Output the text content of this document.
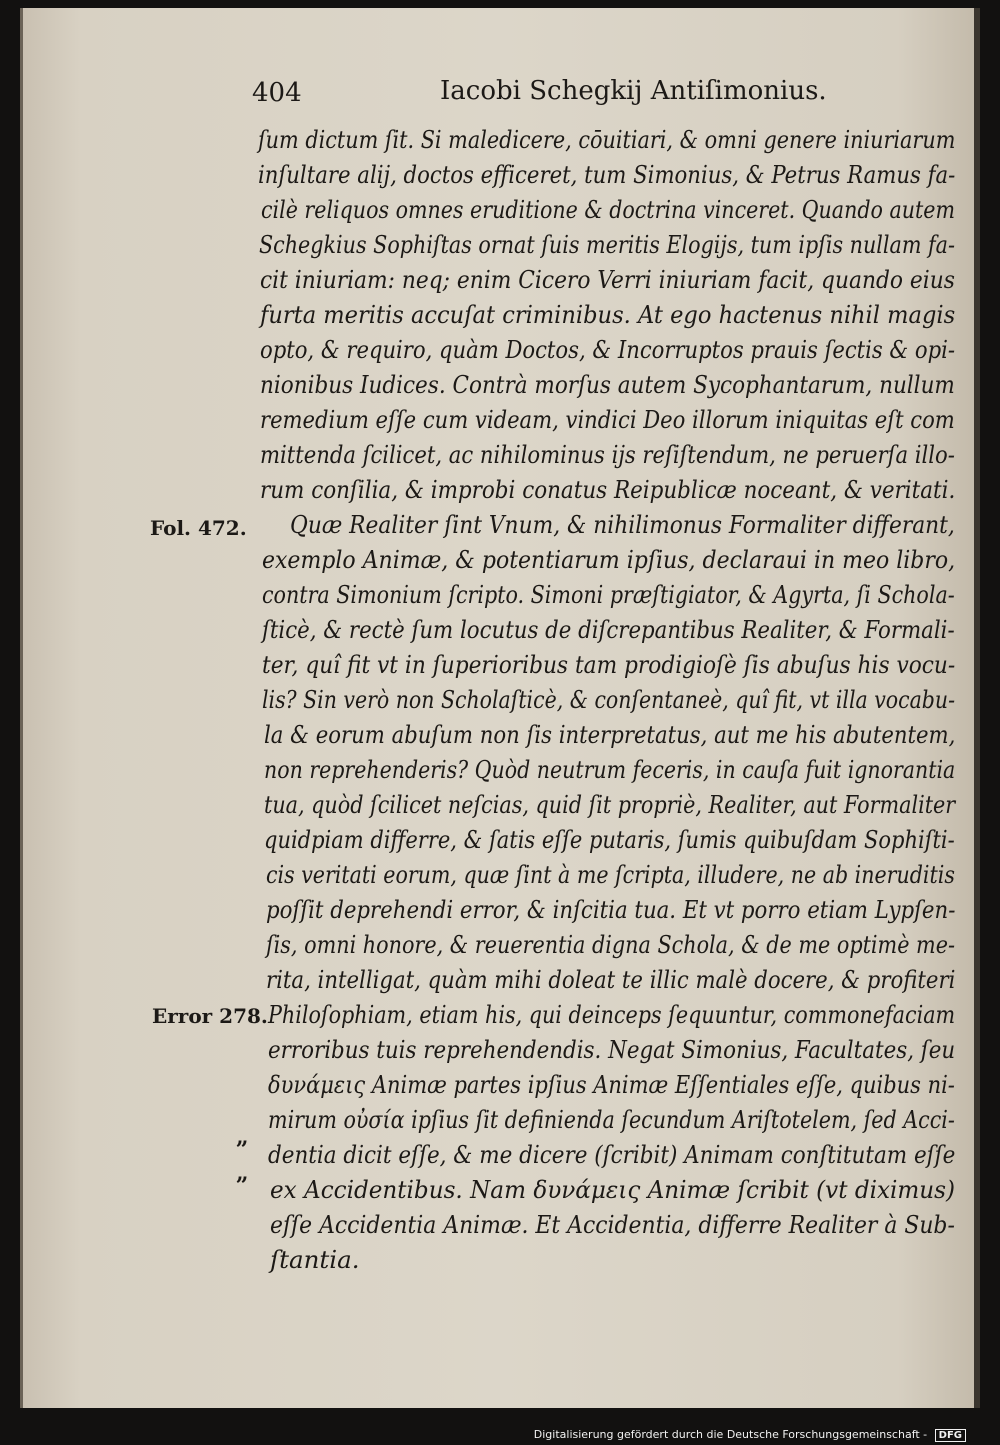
404	Iacobi Schegkij Antiſimonius.
Fol. 472.
Error 278.
„
„
ſum dictum ſit. Si maledicere, cōuitiari, & omni genere iniuriarum
inſultare alij, doctos efficeret, tum Simonius, & Petrus Ramus fa-
cilè reliquos omnes eruditione & doctrina vinceret. Quando autem
Schegkius Sophiſtas ornat ſuis meritis Elogijs, tum ipſis nullam fa-
cit iniuriam: neq; enim Cicero Verri iniuriam facit, quando eius
furta meritis accuſat criminibus. At ego hactenus nihil magis
opto, & requiro, quàm Doctos, & Incorruptos prauis ſectis & opi-
nionibus Iudices. Contrà morſus autem Sycophantarum, nullum
remedium eſſe cum videam, vindici Deo illorum iniquitas eſt com
mittenda ſcilicet, ac nihilominus ijs reſiſtendum, ne peruerſa illo-
rum conſilia, & improbi conatus Reipublicæ noceant, & veritati.
Quæ Realiter ſint Vnum, & nihilimonus Formaliter differant,
exemplo Animæ, & potentiarum ipſius, declaraui in meo libro,
contra Simonium ſcripto. Simoni præſtigiator, & Agyrta, ſi Schola-
ſticè, & rectè ſum locutus de diſcrepantibus Realiter, & Formali-
ter, quî fit vt in ſuperioribus tam prodigioſè ſis abuſus his vocu-
lis? Sin verò non Scholaſticè, & conſentaneè, quî fit, vt illa vocabu-
la & eorum abuſum non ſis interpretatus, aut me his abutentem,
non reprehenderis? Quòd neutrum feceris, in cauſa fuit ignorantia
tua, quòd ſcilicet neſcias, quid ſit propriè, Realiter, aut Formaliter
quidpiam differre, & ſatis eſſe putaris, ſumis quibuſdam Sophiſti-
cis veritati eorum, quæ ſint à me ſcripta, illudere, ne ab ineruditis
poſſit deprehendi error, & inſcitia tua. Et vt porro etiam Lypſen-
ſis, omni honore, & reuerentia digna Schola, & de me optimè me-
rita, intelligat, quàm mihi doleat te illic malè docere, & profiteri
Philoſophiam, etiam his, qui deinceps ſequuntur, commonefaciam
erroribus tuis reprehendendis. Negat Simonius, Facultates, ſeu
δυνάμεις Animæ partes ipſius Animæ Eſſentiales eſſe, quibus ni-
mirum οὐσία ipſius ſit definienda ſecundum Ariſtotelem, ſed Acci-
dentia dicit eſſe, & me dicere (ſcribit) Animam conſtitutam eſſe
ex Accidentibus. Nam δυνάμεις Animæ ſcribit (vt diximus)
eſſe Accidentia Animæ. Et Accidentia, differre Realiter à Sub-
ſtantia.
Digitalisierung gefördert durch die Deutsche Forschungsgemeinschaft - DFG
